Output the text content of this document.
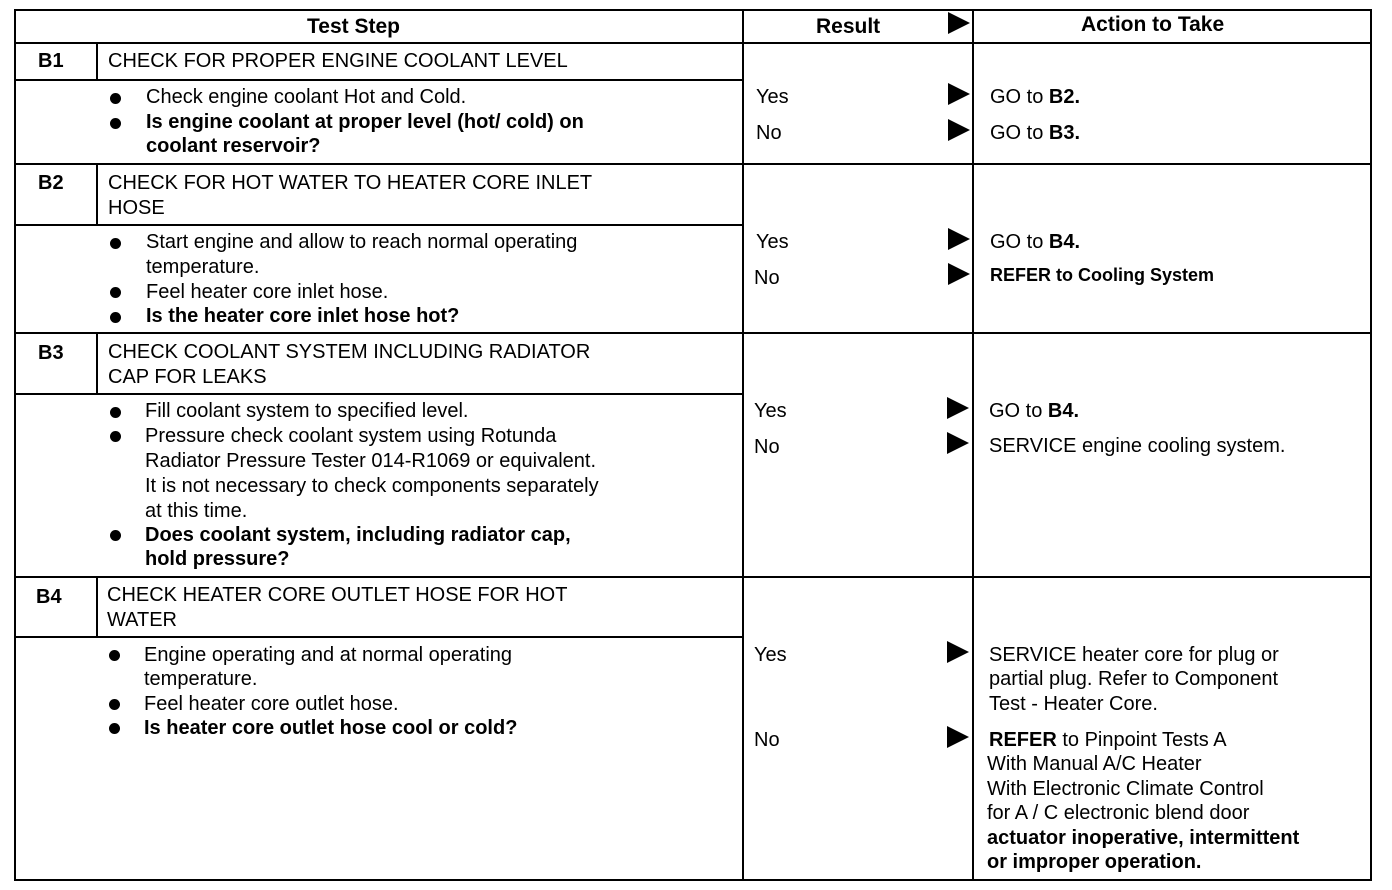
Test Step	Result	Action to Take
B1 CHECK FOR PROPER ENGINE COOLANT LEVEL
Check engine coolant Hot and Cold.
Is engine coolant at proper level (hot/ cold) on
coolant reservoir?
Yes	GO to B2.
No	GO to B3.
B2 CHECK FOR HOT WATER TO HEATER CORE INLET
HOSE
Start engine and allow to reach normal operating
temperature.
Feel heater core inlet hose.
Is the heater core inlet hose hot?
Yes	GO to B4.
No	REFER to Cooling System
B3 CHECK COOLANT SYSTEM INCLUDING RADIATOR
CAP FOR LEAKS
Fill coolant system to specified level.
Pressure check coolant system using Rotunda
Radiator Pressure Tester 014-R1069 or equivalent.
It is not necessary to check components separately
at this time.
Does coolant system, including radiator cap,
hold pressure?
Yes	GO to B4.
No	SERVICE engine cooling system.
B4 CHECK HEATER CORE OUTLET HOSE FOR HOT
WATER
Engine operating and at normal operating
temperature.
Feel heater core outlet hose.
Is heater core outlet hose cool or cold?
Yes	SERVICE heater core for plug or
partial plug. Refer to Component
Test - Heater Core.
No	REFER to Pinpoint Tests A
With Manual A/C Heater
With Electronic Climate Control
for A / C electronic blend door
actuator inoperative, intermittent
or improper operation.
